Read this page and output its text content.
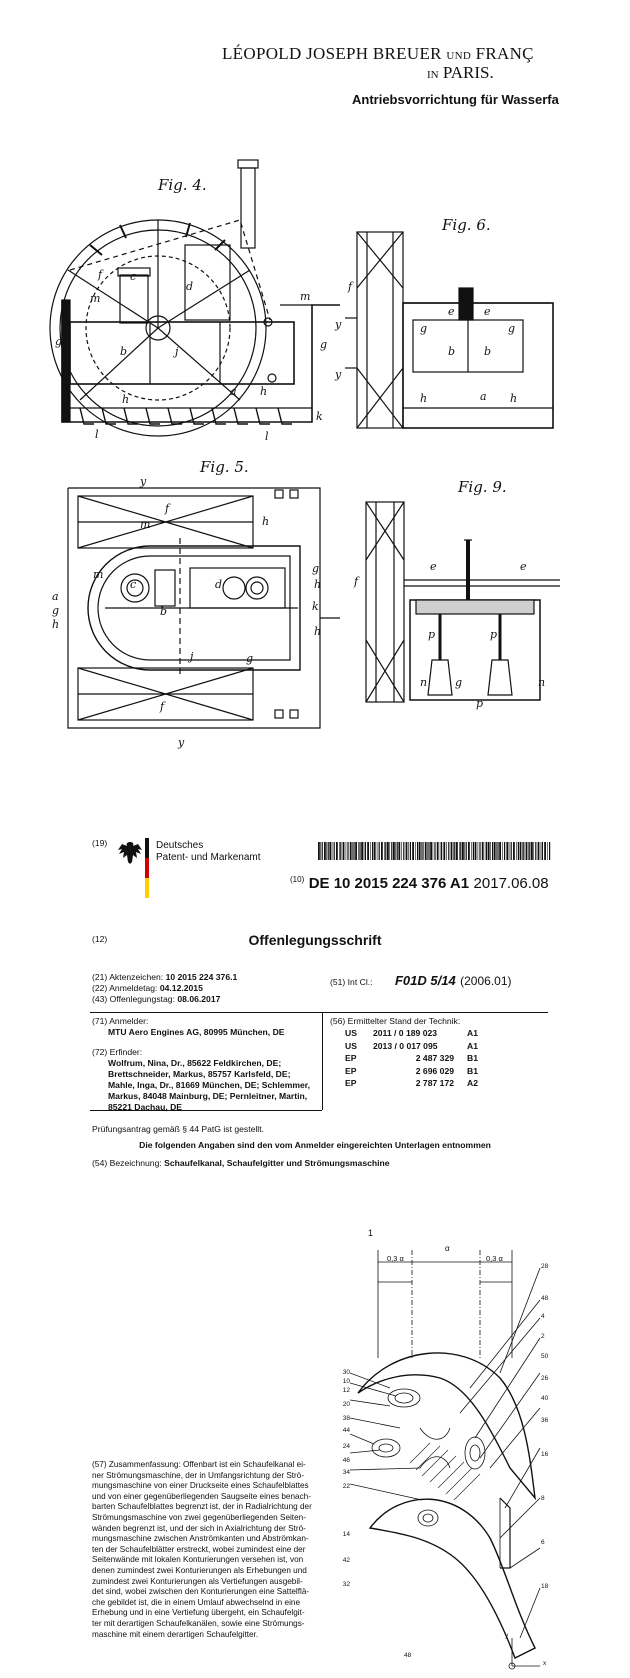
LÉOPOLD JOSEPH BREUER UND FRANÇ
IN PARIS.
Antriebsvorrichtung für Wasserfa
Fig. 4.
f	c
d
m	m
g
b	j
g
a
h
h
k
l	l
Fig. 6.
f
y
y
e	e
g	g
b	b
a
h	h
Fig. 5.
y
f
m	h
m
c	d
g
h
a
g
h
b	k
h
j	g
f
y
Fig. 9.
f
e	e
p	p
n	g	n
p
(19)	Deutsches
Patent- und Markenamt
$^{(10)}$ DE 10 2015 224 376 A1 2017.06.08
(12)	Offenlegungsschrift
(21) Aktenzeichen: 10 2015 224 376.1
(22) Anmeldetag: 04.12.2015
(43) Offenlegungstag: 08.06.2017
(51) Int Cl.: F01D 5/14 (2006.01)
(71) Anmelder:
MTU Aero Engines AG, 80995 München, DE
(72) Erfinder:
Wolfrum, Nina, Dr., 85622 Feldkirchen, DE;
Brettschneider, Markus, 85757 Karlsfeld, DE;
Mahle, Inga, Dr., 81669 München, DE; Schlemmer,
Markus, 84048 Mainburg, DE; Pernleitner, Martin,
85221 Dachau, DE
(56) Ermittelter Stand der Technik:
US	2011 / 0 189 023	A1
US	2013 / 0 017 095	A1
EP	2 487 329	B1
EP	2 696 029	B1
EP	2 787 172	A2
Prüfungsantrag gemäß § 44 PatG ist gestellt.
Die folgenden Angaben sind den vom Anmelder eingereichten Unterlagen entnommen
(54) Bezeichnung: Schaufelkanal, Schaufelgitter und Strömungsmaschine
(57) Zusammenfassung: Offenbart ist ein Schaufelkanal ei-
ner Strömungsmaschine, der in Umfangsrichtung der Strö-
mungsmaschine von einer Druckseite eines Schaufelblattes
und von einer gegenüberliegenden Saugseite eines benach-
barten Schaufelblattes begrenzt ist, der in Radialrichtung der
Strömungsmaschine von zwei gegenüberliegenden Seiten-
wänden begrenzt ist, und der sich in Axialrichtung der Strö-
mungsmaschine zwischen Anströmkanten und Abströmkan-
ten der Schaufelblätter erstreckt, wobei zumindest eine der
Seitenwände mit lokalen Konturierungen versehen ist, von
denen zumindest zwei Konturierungen als Erhebungen und
zumindest zwei Konturierungen als Vertiefungen ausgebil-
det sind, wobei zwischen den Konturierungen eine Sattelflä-
che gebildet ist, die in einem Umlauf abwechselnd in eine
Erhebung und in eine Vertiefung übergeht, ein Schaufelgit-
ter mit derartigen Schaufelkanälen, sowie eine Strömungs-
maschine mit einem derartigen Schaufelgitter.
1
0,3 α
α
0,3 α
30
10
12
20
38
44
24
46
34
22
14
42
32
28
48
4
2
50
26
40
36
16
8
6
18
48
y
x
